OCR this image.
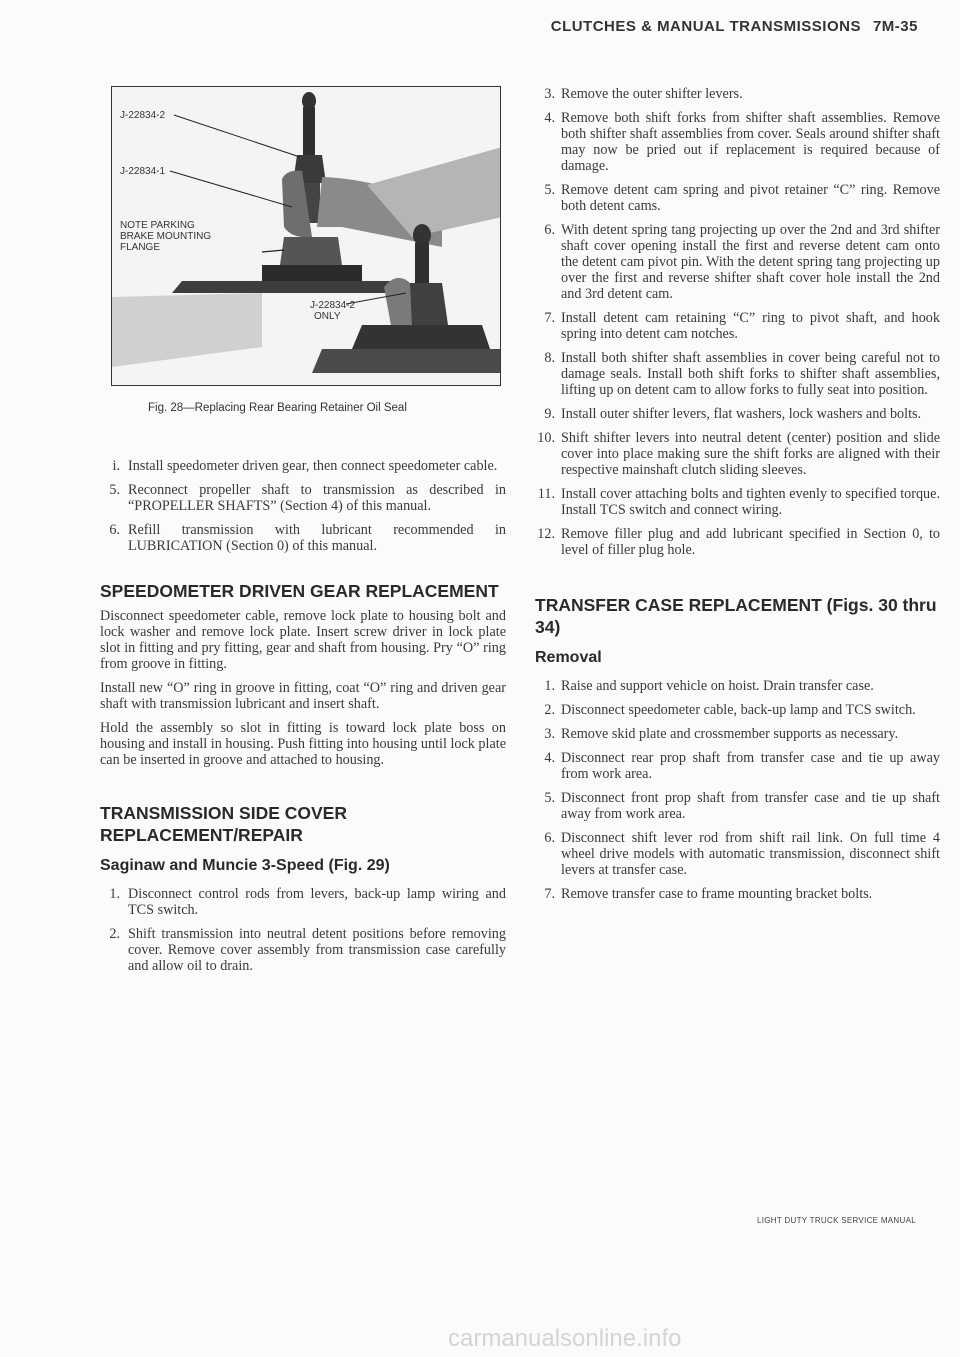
CLUTCHES & MANUAL TRANSMISSIONS 7M-35
J-22834-2
J-22834-1
NOTE PARKING
BRAKE MOUNTING
FLANGE
J-22834-2
ONLY
Fig. 28—Replacing Rear Bearing Retainer Oil Seal
i. Install speedometer driven gear, then connect speedometer cable.
5. Reconnect propeller shaft to transmission as described in “PROPELLER SHAFTS” (Section 4) of this manual.
6. Refill transmission with lubricant recommended in LUBRICATION (Section 0) of this manual.
SPEEDOMETER DRIVEN GEAR REPLACEMENT

Disconnect speedometer cable, remove lock plate to housing bolt and lock washer and remove lock plate. Insert screw driver in lock plate slot in fitting and pry fitting, gear and shaft from housing. Pry “O” ring from groove in fitting.

Install new “O” ring in groove in fitting, coat “O” ring and driven gear shaft with transmission lubricant and insert shaft.

Hold the assembly so slot in fitting is toward lock plate boss on housing and install in housing. Push fitting into housing until lock plate can be inserted in groove and attached to housing.

TRANSMISSION SIDE COVER REPLACEMENT/REPAIR
Saginaw and Muncie 3-Speed (Fig. 29)
1. Disconnect control rods from levers, back-up lamp wiring and TCS switch.
2. Shift transmission into neutral detent positions before removing cover. Remove cover assembly from transmission case carefully and allow oil to drain.
3. Remove the outer shifter levers.
4. Remove both shift forks from shifter shaft assemblies. Remove both shifter shaft assemblies from cover. Seals around shifter shaft may now be pried out if replacement is required because of damage.
5. Remove detent cam spring and pivot retainer “C” ring. Remove both detent cams.
6. With detent spring tang projecting up over the 2nd and 3rd shifter shaft cover opening install the first and reverse detent cam onto the detent cam pivot pin. With the detent spring tang projecting up over the first and reverse shifter shaft cover hole install the 2nd and 3rd detent cam.
7. Install detent cam retaining “C” ring to pivot shaft, and hook spring into detent cam notches.
8. Install both shifter shaft assemblies in cover being careful not to damage seals. Install both shift forks to shifter shaft assemblies, lifting up on detent cam to allow forks to fully seat into position.
9. Install outer shifter levers, flat washers, lock washers and bolts.
10. Shift shifter levers into neutral detent (center) position and slide cover into place making sure the shift forks are aligned with their respective mainshaft clutch sliding sleeves.
11. Install cover attaching bolts and tighten evenly to specified torque. Install TCS switch and connect wiring.
12. Remove filler plug and add lubricant specified in Section 0, to level of filler plug hole.
TRANSFER CASE REPLACEMENT (Figs. 30 thru 34)
Removal
1. Raise and support vehicle on hoist. Drain transfer case.
2. Disconnect speedometer cable, back-up lamp and TCS switch.
3. Remove skid plate and crossmember supports as necessary.
4. Disconnect rear prop shaft from transfer case and tie up away from work area.
5. Disconnect front prop shaft from transfer case and tie up shaft away from work area.
6. Disconnect shift lever rod from shift rail link. On full time 4 wheel drive models with automatic transmission, disconnect shift levers at transfer case.
7. Remove transfer case to frame mounting bracket bolts.
LIGHT DUTY TRUCK SERVICE MANUAL
carmanualsonline.info
